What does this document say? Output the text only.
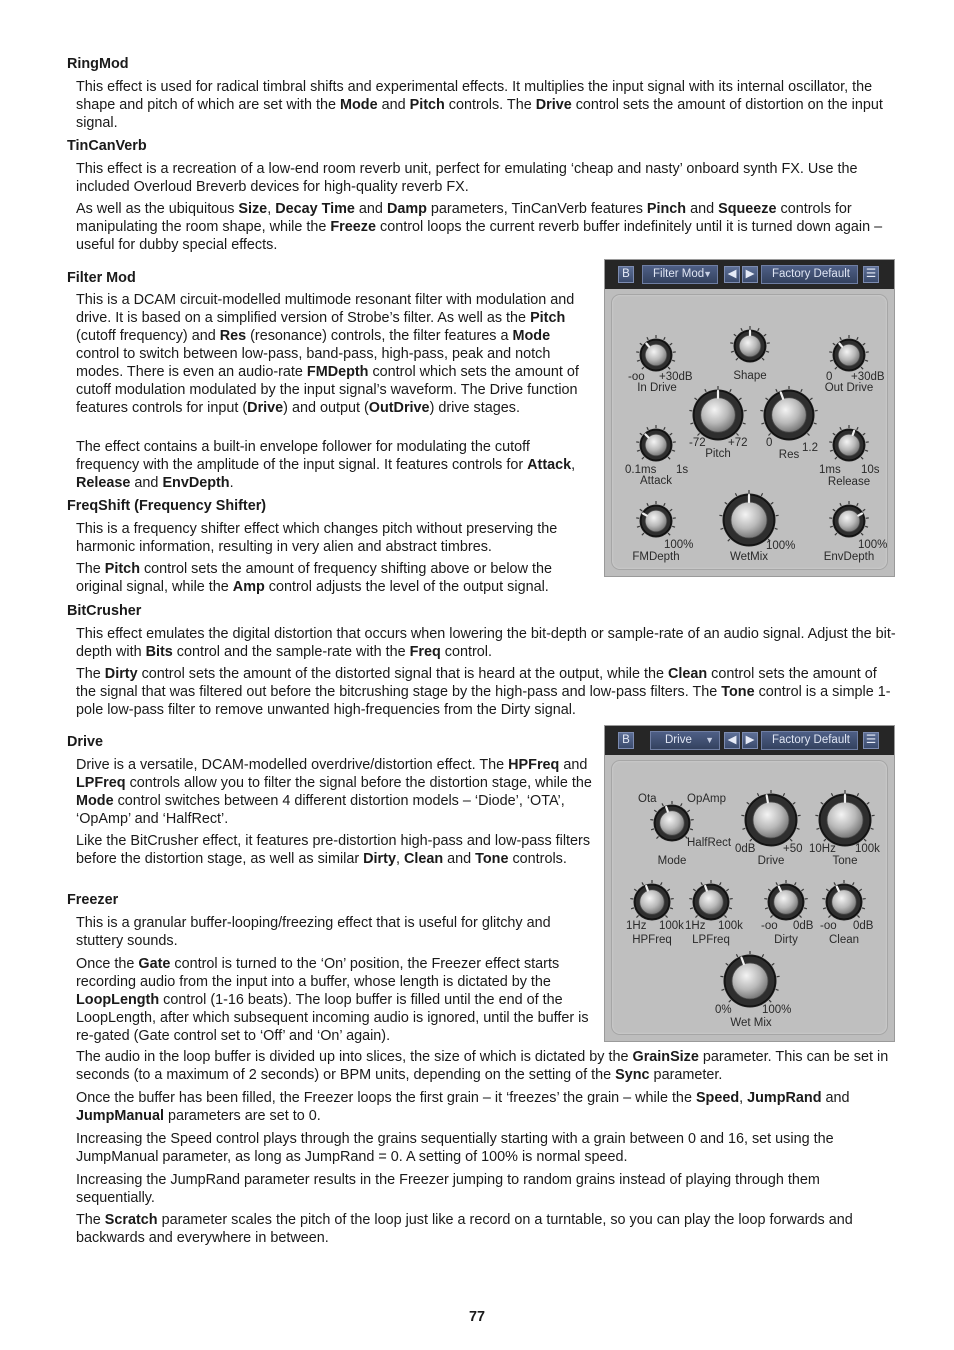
RingMod

This effect is used for radical timbral shifts and experimental effects. It multiplies the input signal with its internal oscillator, the shape and pitch of which are set with the Mode and Pitch controls. The Drive control sets the amount of distortion on the input signal.

TinCanVerb

This effect is a recreation of a low-end room reverb unit, perfect for emulating ‘cheap and nasty’ onboard synth FX. Use the included Overloud Breverb devices for high-quality reverb FX.

As well as the ubiquitous Size, Decay Time and Damp parameters, TinCanVerb features Pinch and Squeeze controls for manipulating the room shape, while the Freeze control loops the current reverb buffer indefinitely until it is turned down again – useful for dubby special effects.

Filter Mod

This is a DCAM circuit-modelled multimode resonant filter with modulation and drive. It is based on a simplified version of Strobe’s filter. As well as the Pitch (cutoff frequency) and Res (resonance) controls, the filter features a Mode control to switch between low-pass, band-pass, high-pass, peak and notch modes. There is even an audio-rate FMDepth control which sets the amount of cutoff modulation modulated by the input signal’s waveform. The Drive function features controls for input (Drive) and output (OutDrive) drive stages.

The effect contains a built-in envelope follower for modulating the cutoff frequency with the amplitude of the input signal. It features controls for Attack, Release and EnvDepth.

FreqShift (Frequency Shifter)

This is a frequency shifter effect which changes pitch without preserving the harmonic information, resulting in very alien and abstract timbres.

The Pitch control sets the amount of frequency shifting above or below the original signal, while the Amp control adjusts the level of the output signal.

BitCrusher

This effect emulates the digital distortion that occurs when lowering the bit-depth or sample-rate of an audio signal. Adjust the bit-depth with Bits control and the sample-rate with the Freq control.

The Dirty control sets the amount of the distorted signal that is heard at the output, while the Clean control sets the amount of the signal that was filtered out before the bitcrushing stage by the high-pass and low-pass filters. The Tone control is a simple 1-pole low-pass filter to remove unwanted high-frequencies from the Dirty signal.

Drive

Drive is a versatile, DCAM-modelled overdrive/distortion effect. The HPFreq and LPFreq controls allow you to filter the signal before the distortion stage, while the Mode control switches between 4 different distortion models – ‘Diode’, ‘OTA’, ‘OpAmp’ and ‘HalfRect’.

Like the BitCrusher effect, it features pre-distortion high-pass and low-pass filters before the distortion stage, as well as similar Dirty, Clean and Tone controls.

Freezer

This is a granular buffer-looping/freezing effect that is useful for glitchy and stuttery sounds.

Once the Gate control is turned to the ‘On’ position, the Freezer effect starts recording audio from the input into a buffer, whose length is dictated by the LoopLength control (1-16 beats). The loop buffer is filled until the end of the LoopLength, after which subsequent incoming audio is ignored, until the buffer is re-gated (Gate control set to ‘Off’ and ‘On’ again).

The audio in the loop buffer is divided up into slices, the size of which is dictated by the GrainSize parameter. This can be set in seconds (to a maximum of 2 seconds) or BPM units, depending on the setting of the Sync parameter.

Once the buffer has been filled, the Freezer loops the first grain – it ‘freezes’ the grain – while the Speed, JumpRand and JumpManual parameters are set to 0.

Increasing the Speed control plays through the grains sequentially starting with a grain between 0 and 16, set using the JumpManual parameter, as long as JumpRand = 0. A setting of 100% is normal speed.

Increasing the JumpRand parameter results in the Freezer jumping to random grains instead of playing through them sequentially.

The Scratch parameter scales the pitch of the loop just like a record on a turntable, so you can play the loop forwards and backwards and everywhere in between.

77
B	Filter Mod
▼	◀ ▶	Factory Default	☰
-oo +30dB
In Drive
Shape	0 +30dB
Out Drive
-72 +72
Pitch
0	1.2
Res
0.1ms 1s
Attack
1ms 10s
Release
100%
FMDepth
100%
WetMix
100%
EnvDepth
B	Drive ▼	◀ ▶	Factory Default	☰
Ota	OpAmp
HalfRect
Mode
0dB +50
Drive
10Hz 100k
Tone
1Hz 100k
HPFreq
1Hz 100k
LPFreq
-oo 0dB
Dirty
-oo 0dB
Clean
0%	100%
Wet Mix
